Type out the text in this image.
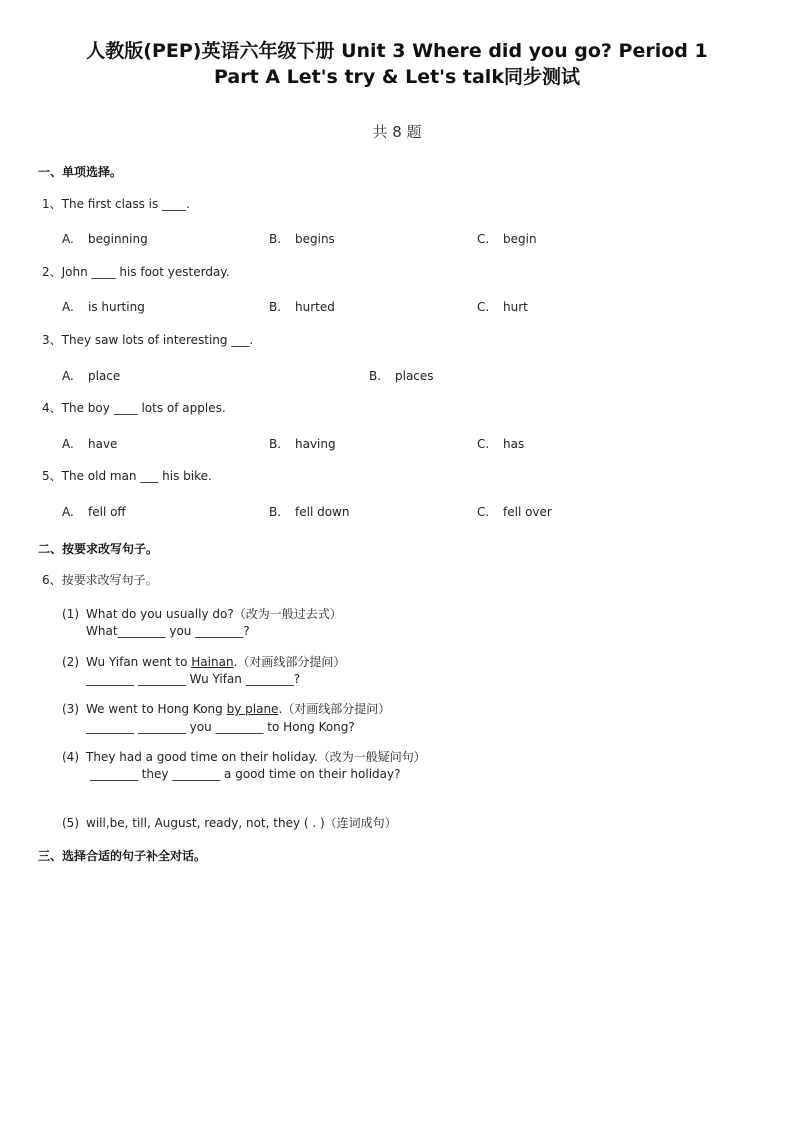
人教版(PEP)英语六年级下册 Unit 3 Where did you go? Period 1
Part A Let's try & Let's talk同步测试
共 8 题
一、单项选择。
1、The first class is ____.
A. beginning	B. begins	C. begin
2、John ____ his foot yesterday.
A. is hurting	B. hurted	C. hurt
3、They saw lots of interesting ___.
A. place	B. places
4、The boy ____ lots of apples.
A. have	B. having	C. has
5、The old man ___ his bike.
A. fell off	B. fell down	C. fell over
二、按要求改写句子。
6、按要求改写句子。
(1) What do you usually do?（改为一般过去式）
What________ you ________?
(2) Wu Yifan went to Hainan.（对画线部分提问）
________ ________ Wu Yifan ________?
(3) We went to Hong Kong by plane.（对画线部分提问）
________ ________ you ________ to Hong Kong?
(4) They had a good time on their holiday.（改为一般疑问句）
________ they ________ a good time on their holiday?
(5) will,be, till, August, ready, not, they ( . )（连词成句）
三、选择合适的句子补全对话。
